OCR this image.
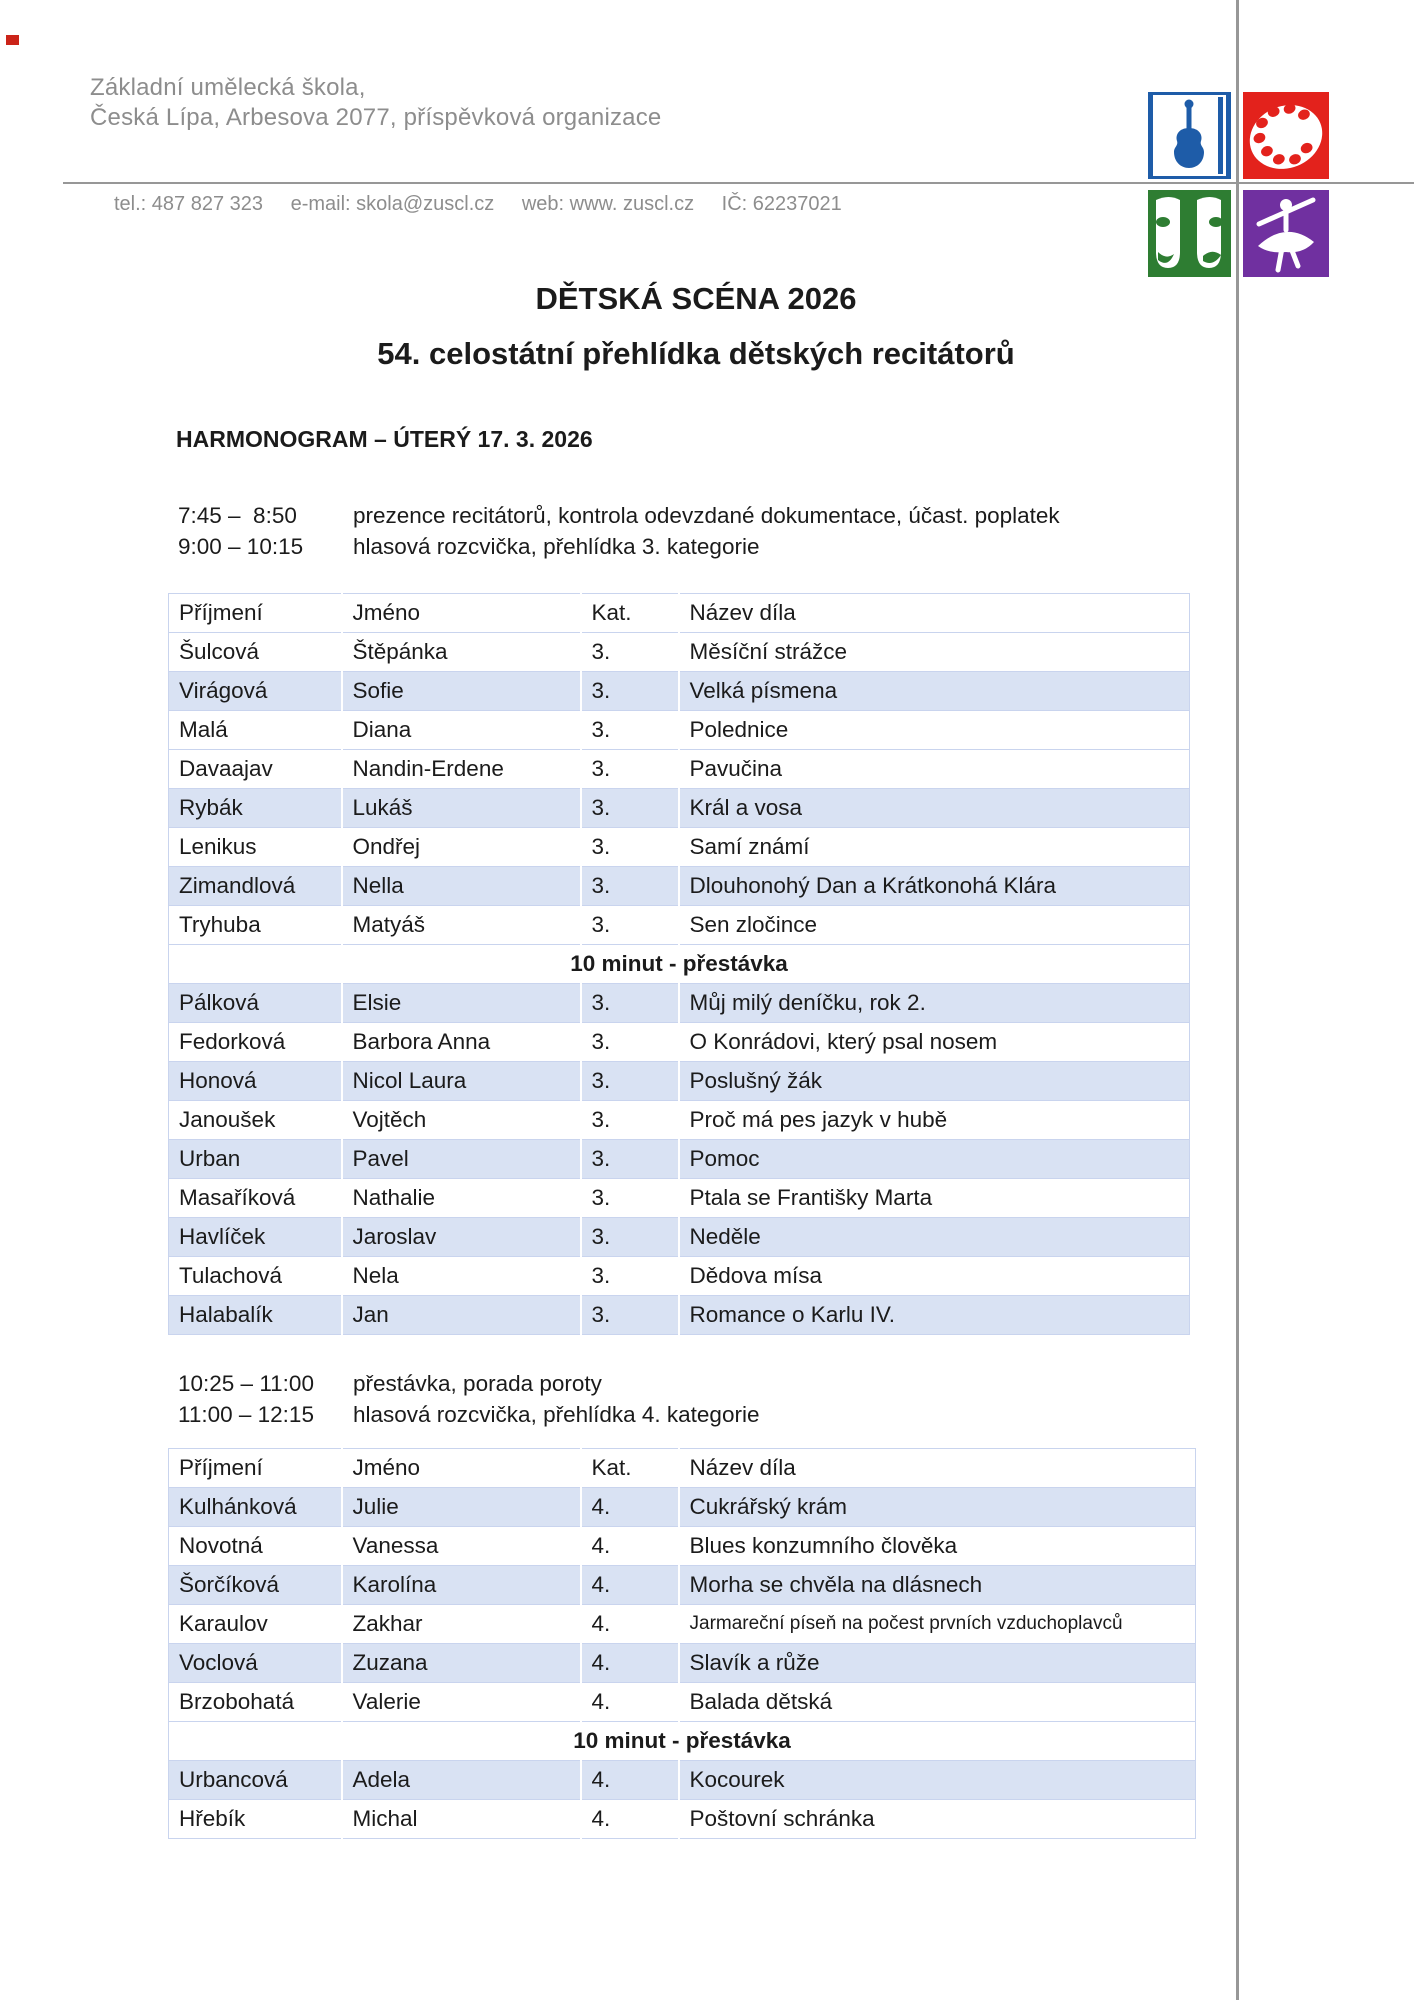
Základní umělecká škola,
Česká Lípa, Arbesova 2077, příspěvková organizace
tel.: 487 827 323 e-mail: skola@zuscl.cz web: www. zuscl.cz IČ: 62237021
DĚTSKÁ SCÉNA 2026
54. celostátní přehlídka dětských recitátorů
HARMONOGRAM – ÚTERÝ 17. 3. 2026
7:45 –  8:50	prezence recitátorů, kontrola odevzdané dokumentace, účast. poplatek
9:00 – 10:15	hlasová rozcvička, přehlídka 3. kategorie
Příjmení	Jméno	Kat.	Název díla
Šulcová	Štěpánka	3.	Měsíční strážce
Virágová	Sofie	3.	Velká písmena
Malá	Diana	3.	Polednice
Davaajav	Nandin-Erdene	3.	Pavučina
Rybák	Lukáš	3.	Král a vosa
Lenikus	Ondřej	3.	Samí známí
Zimandlová	Nella	3.	Dlouhonohý Dan a Krátkonohá Klára
Tryhuba	Matyáš	3.	Sen zločince
10 minut - přestávka			
Pálková	Elsie	3.	Můj milý deníčku, rok 2.
Fedorková	Barbora Anna	3.	O Konrádovi, který psal nosem
Honová	Nicol Laura	3.	Poslušný žák
Janoušek	Vojtěch	3.	Proč má pes jazyk v hubě
Urban	Pavel	3.	Pomoc
Masaříková	Nathalie	3.	Ptala se Františky Marta
Havlíček	Jaroslav	3.	Neděle
Tulachová	Nela	3.	Dědova mísa
Halabalík	Jan	3.	Romance o Karlu IV.
10:25 – 11:00	přestávka, porada poroty
11:00 – 12:15	hlasová rozcvička, přehlídka 4. kategorie
Příjmení	Jméno	Kat.	Název díla
Kulhánková	Julie	4.	Cukrářský krám
Novotná	Vanessa	4.	Blues konzumního člověka
Šorčíková	Karolína	4.	Morha se chvěla na dlásnech
Karaulov	Zakhar	4.	Jarmareční píseň na počest prvních vzduchoplavců
Voclová	Zuzana	4.	Slavík a růže
Brzobohatá	Valerie	4.	Balada dětská
10 minut - přestávka			
Urbancová	Adela	4.	Kocourek
Hřebík	Michal	4.	Poštovní schránka
